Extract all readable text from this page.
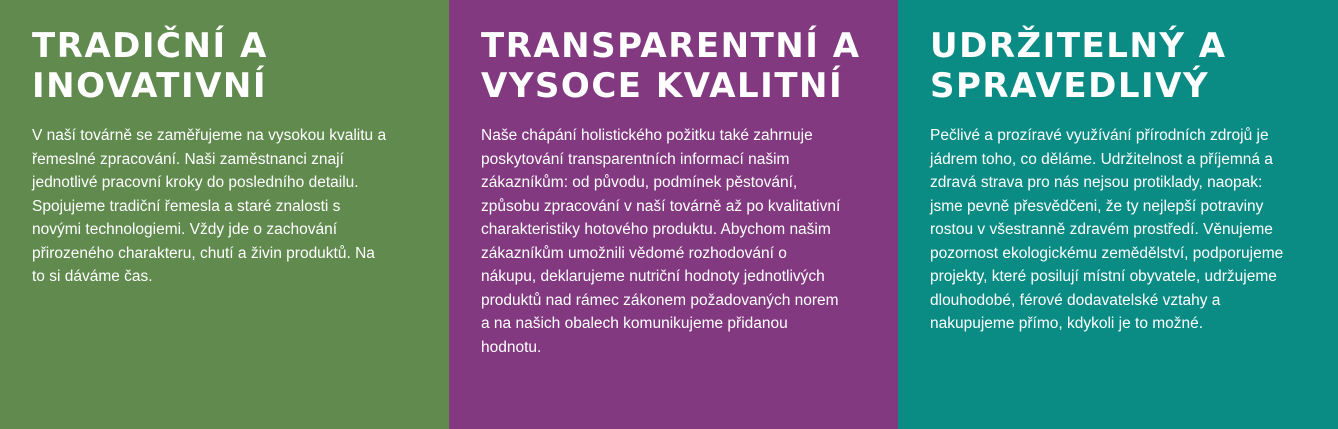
TRADIČNÍ A INOVATIVNÍ

V naší továrně se zaměřujeme na vysokou kvalitu a řemeslné zpracování. Naši zaměstnanci znají jednotlivé pracovní kroky do posledního detailu. Spojujeme tradiční řemesla a staré znalosti s novými technologiemi. Vždy jde o zachování přirozeného charakteru, chutí a živin produktů. Na to si dáváme čas.

TRANSPARENTNÍ A VYSOCE KVALITNÍ

Naše chápání holistického požitku také zahrnuje poskytování transparentních informací našim zákazníkům: od původu, podmínek pěstování, způsobu zpracování v naší továrně až po kvalitativní charakteristiky hotového produktu. Abychom našim zákazníkům umožnili vědomé rozhodování o nákupu, deklarujeme nutriční hodnoty jednotlivých produktů nad rámec zákonem požadovaných norem a na našich obalech komunikujeme přidanou hodnotu.

UDRŽITELNÝ A SPRAVEDLIVÝ

Pečlivé a prozíravé využívání přírodních zdrojů je jádrem toho, co děláme. Udržitelnost a příjemná a zdravá strava pro nás nejsou protiklady, naopak: jsme pevně přesvědčeni, že ty nejlepší potraviny rostou v všestranně zdravém prostředí. Věnujeme pozornost ekologickému zemědělství, podporujeme projekty, které posilují místní obyvatele, udržujeme dlouhodobé, férové dodavatelské vztahy a nakupujeme přímo, kdykoli je to možné.
